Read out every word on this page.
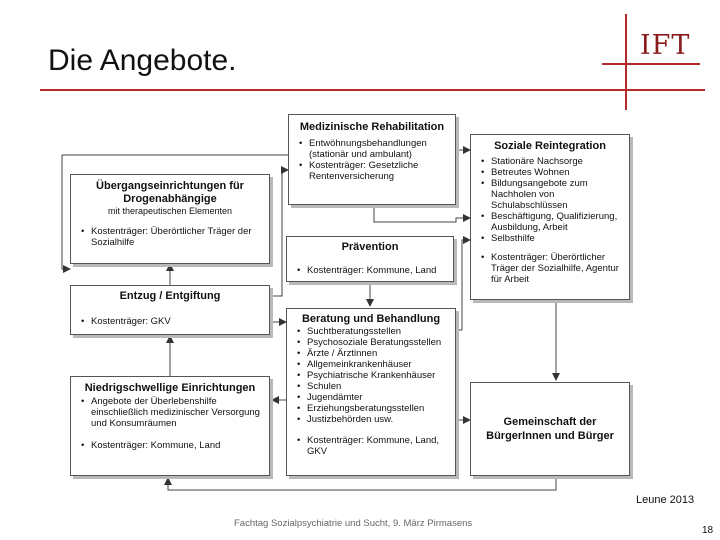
Die Angebote.	IFT
Medizinische Rehabilitation
• Entwöhnungsbehandlungen (stationär und ambulant)
• Kostenträger: Gesetzliche Rentenversicherung
Soziale Reintegration
• Stationäre Nachsorge
• Betreutes Wohnen
• Bildungsangebote zum Nachholen von Schulabschlüssen
• Beschäftigung, Qualifizierung, Ausbildung, Arbeit
• Selbsthilfe
• Kostenträger: Überörtlicher Träger der Sozialhilfe, Agentur für Arbeit
Übergangseinrichtungen für Drogenabhängige
mit therapeutischen Elementen
• Kostenträger: Überörtlicher Träger der Sozialhilfe	Prävention
• Kostenträger: Kommune, Land
Entzug / Entgiftung
• Kostenträger: GKV	Beratung und Behandlung
• Suchtberatungsstellen
• Psychosoziale Beratungsstellen
• Ärzte / Ärztinnen
• Allgemeinkrankenhäuser
• Psychiatrische Krankenhäuser
• Schulen
• Jugendämter
• Erziehungsberatungsstellen
• Justizbehörden usw.
• Kostenträger: Kommune, Land, GKV
Niedrigschwellige Einrichtungen
• Angebote der Überlebenshilfe einschließlich medizinischer Versorgung und Konsumräumen
• Kostenträger: Kommune, Land
Gemeinschaft der BürgerInnen und Bürger
Leune 2013
Fachtag Sozialpsychiatrie und Sucht, 9. März Pirmasens
18
